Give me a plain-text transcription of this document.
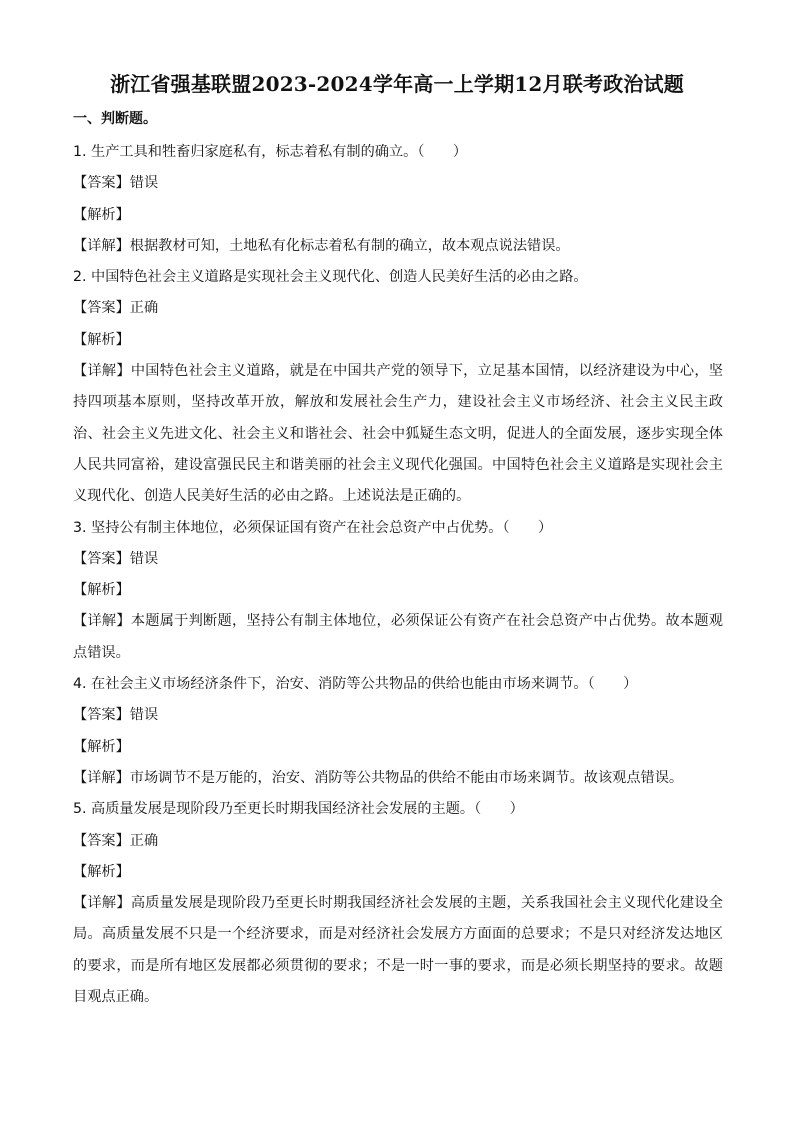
浙江省强基联盟2023-2024学年高一上学期12月联考政治试题
一、判断题。
1. 生产工具和牲畜归家庭私有，标志着私有制的确立。（　　）
【答案】错误
【解析】
【详解】根据教材可知，土地私有化标志着私有制的确立，故本观点说法错误。
2. 中国特色社会主义道路是实现社会主义现代化、创造人民美好生活的必由之路。
【答案】正确
【解析】
【详解】中国特色社会主义道路，就是在中国共产党的领导下，立足基本国情，以经济建设为中心，坚持四项基本原则，坚持改革开放，解放和发展社会生产力，建设社会主义市场经济、社会主义民主政治、社会主义先进文化、社会主义和谐社会、社会中狐疑生态文明，促进人的全面发展，逐步实现全体人民共同富裕，建设富强民民主和谐美丽的社会主义现代化强国。中国特色社会主义道路是实现社会主义现代化、创造人民美好生活的必由之路。上述说法是正确的。
3. 坚持公有制主体地位，必须保证国有资产在社会总资产中占优势。（　　）
【答案】错误
【解析】
【详解】本题属于判断题，坚持公有制主体地位，必须保证公有资产在社会总资产中占优势。故本题观点错误。
4. 在社会主义市场经济条件下，治安、消防等公共物品的供给也能由市场来调节。（　　）
【答案】错误
【解析】
【详解】市场调节不是万能的，治安、消防等公共物品的供给不能由市场来调节。故该观点错误。
5. 高质量发展是现阶段乃至更长时期我国经济社会发展的主题。（　　）
【答案】正确
【解析】
【详解】高质量发展是现阶段乃至更长时期我国经济社会发展的主题，关系我国社会主义现代化建设全局。高质量发展不只是一个经济要求，而是对经济社会发展方方面面的总要求；不是只对经济发达地区的要求，而是所有地区发展都必须贯彻的要求；不是一时一事的要求，而是必须长期坚持的要求。故题目观点正确。
